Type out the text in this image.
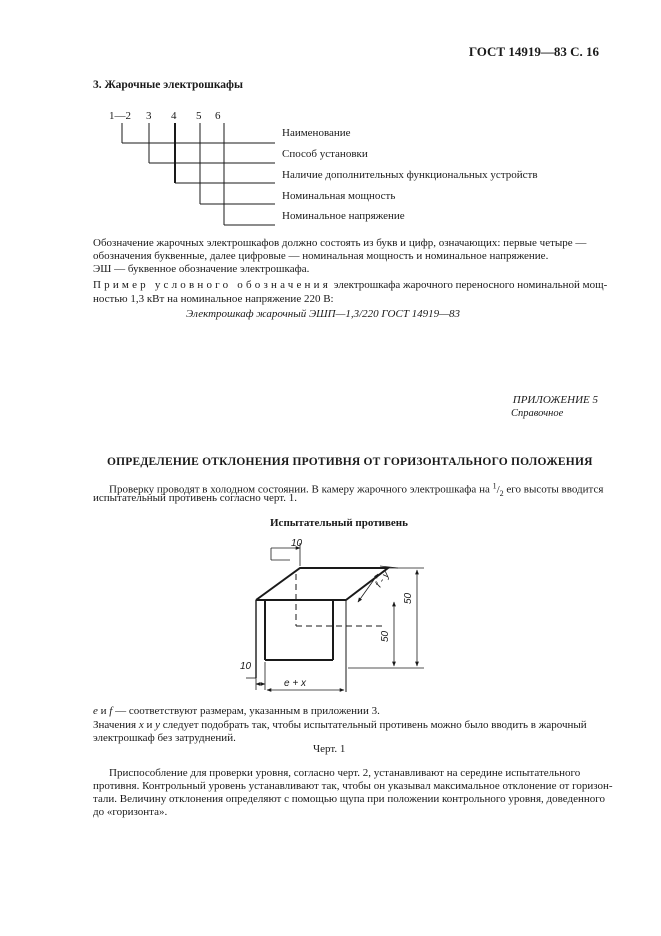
ГОСТ 14919—83 С. 16
3. Жарочные электрошкафы
1—2 3 4 5 6
Наименование
Способ установки
Наличие дополнительных функциональных устройств
Номинальная мощность
Номинальное напряжение
Обозначение жарочных электрошкафов должно состоять из букв и цифр, означающих: первые четыре —
обозначения буквенные, далее цифровые — номинальная мощность и номинальное напряжение.
ЭШ — буквенное обозначение электрошкафа.
Пример условного обозначения электрошкафа жарочного переносного номинальной мощ-
ностью 1,3 кВт на номинальное напряжение 220 В:
Электрошкаф жарочный ЭШП—1,3/220 ГОСТ 14919—83
ПРИЛОЖЕНИЕ 5
Справочное
ОПРЕДЕЛЕНИЕ ОТКЛОНЕНИЯ ПРОТИВНЯ ОТ ГОРИЗОНТАЛЬНОГО ПОЛОЖЕНИЯ
Проверку проводят в холодном состоянии. В камеру жарочного электрошкафа на $^1/_2$ его высоты вводится
испытательный противень согласно черт. 1.
Испытательный противень
10
f - y
50
50
10
e + x
e и f — соответствуют размерам, указанным в приложении 3.
Значения x и y следует подобрать так, чтобы испытательный противень можно было вводить в жарочный
электрошкаф без затруднений.
Черт. 1
Приспособление для проверки уровня, согласно черт. 2, устанавливают на середине испытательного
противня. Контрольный уровень устанавливают так, чтобы он указывал максимальное отклонение от горизон-
тали. Величину отклонения определяют с помощью щупа при положении контрольного уровня, доведенного
до «горизонта».
